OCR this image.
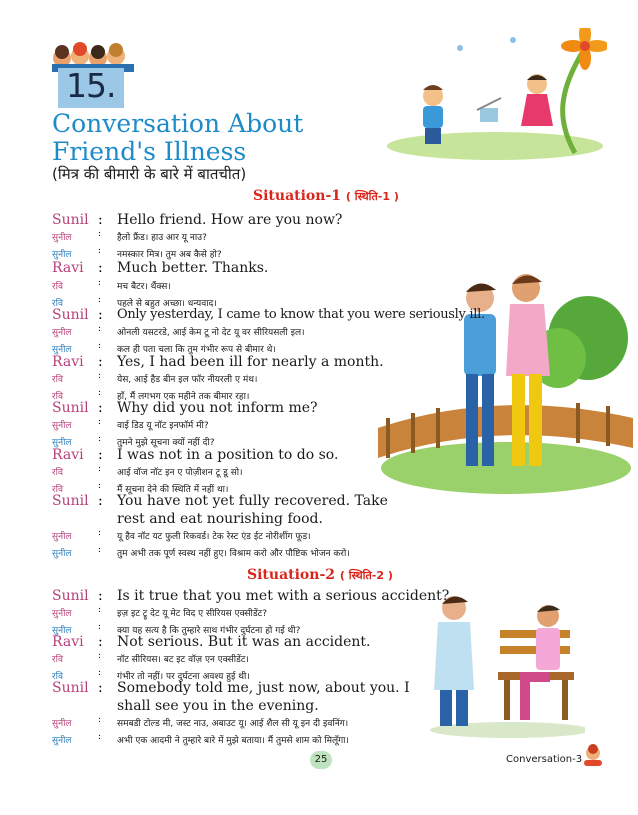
15.
Conversation About Friend's Illness
(मित्र की बीमारी के बारे में बातचीत)
Situation-1 ( स्थिति-1 )
Sunil : Hello friend. How are you now?
सुनील	: हैलो फ्रैंड। हाउ आर यू नाउ?
सुनील	: नमस्कार मित्र। तुम अब कैसे हो?
Ravi : Much better. Thanks.
रवि	: मच बैटर। थैंक्स।
रवि	: पहले से बहुत अच्छा। धन्यवाद।
Sunil : Only yesterday, I came to know that you were seriously ill.
सुनील	: ओनली यसटरडे, आई केम टू नो देट यू वर सीरियसली इल।
सुनील	: कल ही पता चला कि तुम गंभीर रूप से बीमार थे।
Ravi : Yes, I had been ill for nearly a month.
रवि	: येस, आई हैड बीन इल फॉर नीयरली ए मंथ।
रवि	: हाँ, मैं लगभग एक महीने तक बीमार रहा।
Sunil : Why did you not inform me?
सुनील	: वाई डिड यू नॉट इनफॉर्म मी?
सुनील	: तुमने मुझे सूचना क्यों नहीं दी?
Ravi : I was not in a position to do so.
रवि	: आई वॉज नॉट इन ए पोज़ीशन टू डू सो।
रवि	: मैं सूचना देने की स्थिति में नहीं था।
Sunil : You have not yet fully recovered. Take
rest and eat nourishing food.
सुनील	: यू हैव नॉट यट फुली रिकवर्ड। टेक रेस्ट एंड ईट नोरीशींग फूड।
सुनील	: तुम अभी तक पूर्ण स्वस्थ नहीं हुए। विश्राम करो और पौष्टिक भोजन करो।
Situation-2 ( स्थिति-2 )
Sunil : Is it true that you met with a serious accident?
सुनील	: इज़ इट ट्रू देट यू मेट विद ए सीरियस एक्सीडेंट?
सुनील	: क्या यह सत्य है कि तुम्हारे साथ गंभीर दुर्घटना हो गई थी?
Ravi : Not serious. But it was an accident.
रवि	: नॉट सीरियस। बट इट वॉज़ एन एक्सीडेंट।
रवि	: गंभीर तो नहीं। पर दुर्घटना अवश्य हुई थी।
Sunil : Somebody told me, just now, about you. I
shall see you in the evening.
सुनील	: समबडी टोल्ड मी, जस्ट नाउ, अबाउट यू। आई शैल सी यू इन दी इवनिंग।
सुनील	: अभी एक आदमी ने तुम्हारे बारे में मुझे बताया। मैं तुमसे शाम को मिलूँगा।
25	Conversation-3
